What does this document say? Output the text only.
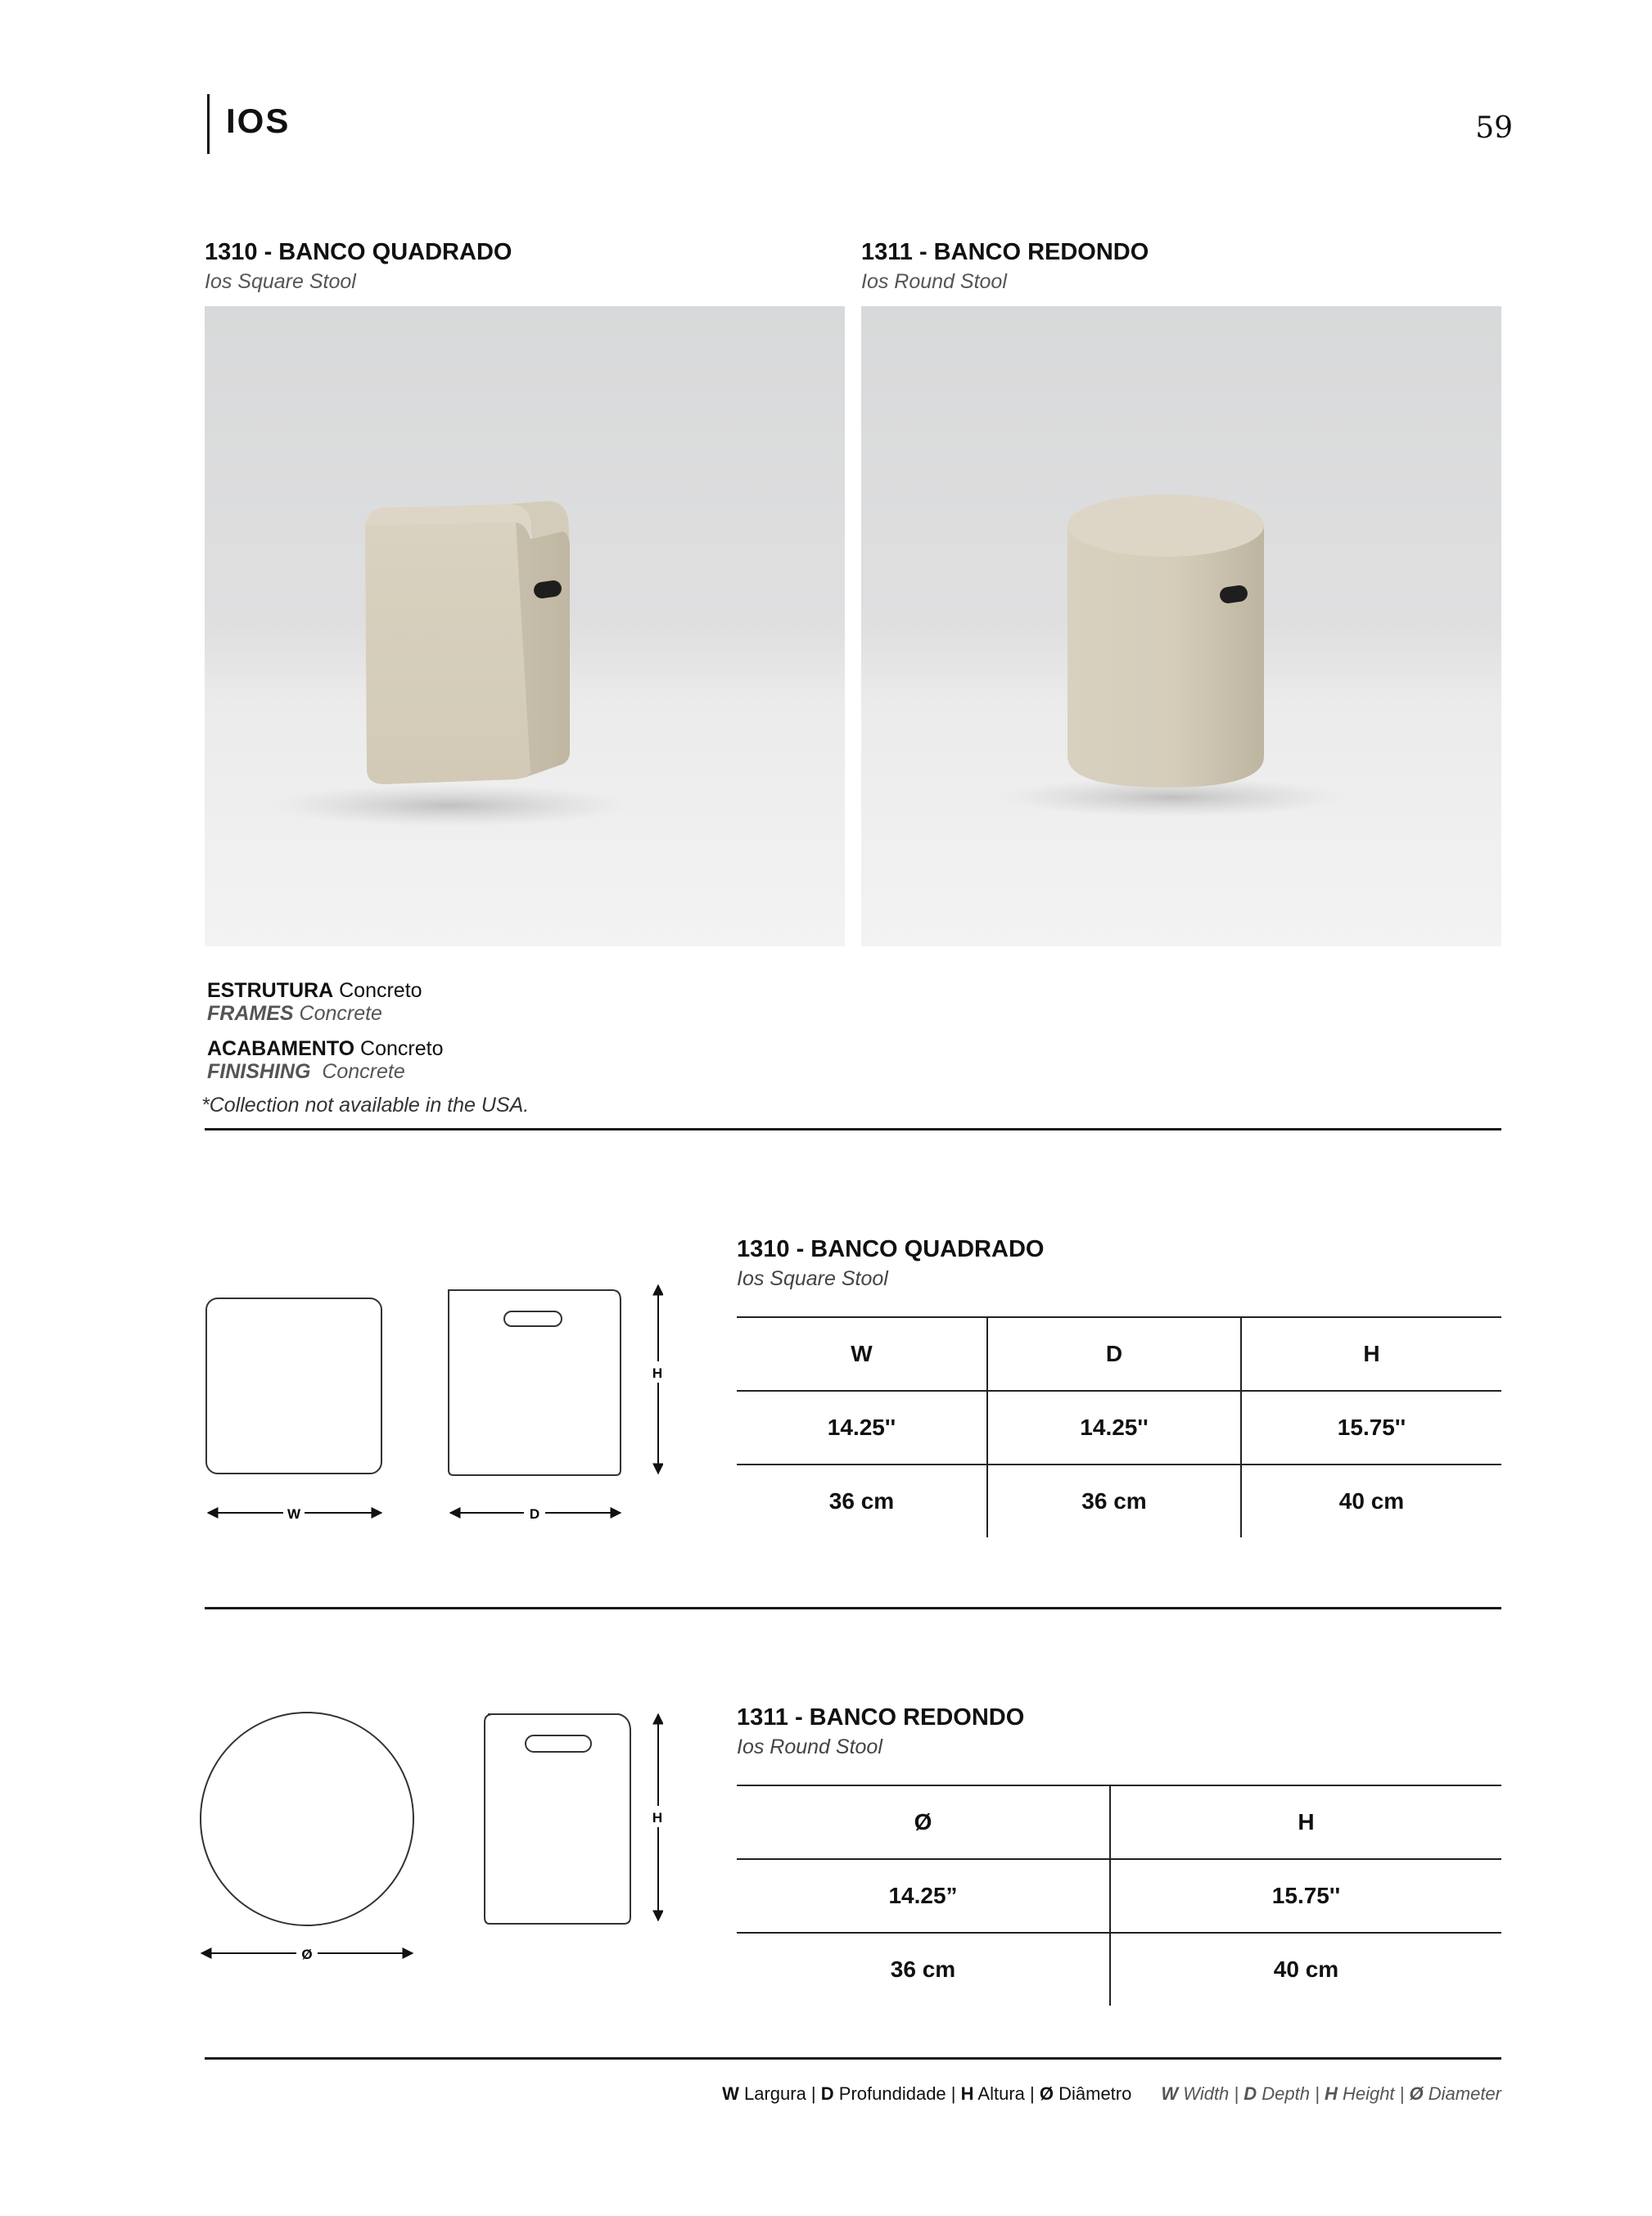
IOS	59
1310 - BANCO QUADRADO
Ios Square Stool
1311 - BANCO REDONDO
Ios Round Stool
ESTRUTURA Concreto
FRAMES Concrete
ACABAMENTO Concreto
FINISHING Concrete
*Collection not available in the USA.
H
W	D
1310 - BANCO QUADRADO
Ios Square Stool
W	D	H
14.25''	14.25''	15.75''
36 cm	36 cm	40 cm
H
Ø
1311 - BANCO REDONDO
Ios Round Stool
Ø	H
14.25”	15.75''
36 cm	40 cm
W Largura | D Profundidade | H Altura | Ø Diâmetro W Width | D Depth | H Height | Ø Diameter
